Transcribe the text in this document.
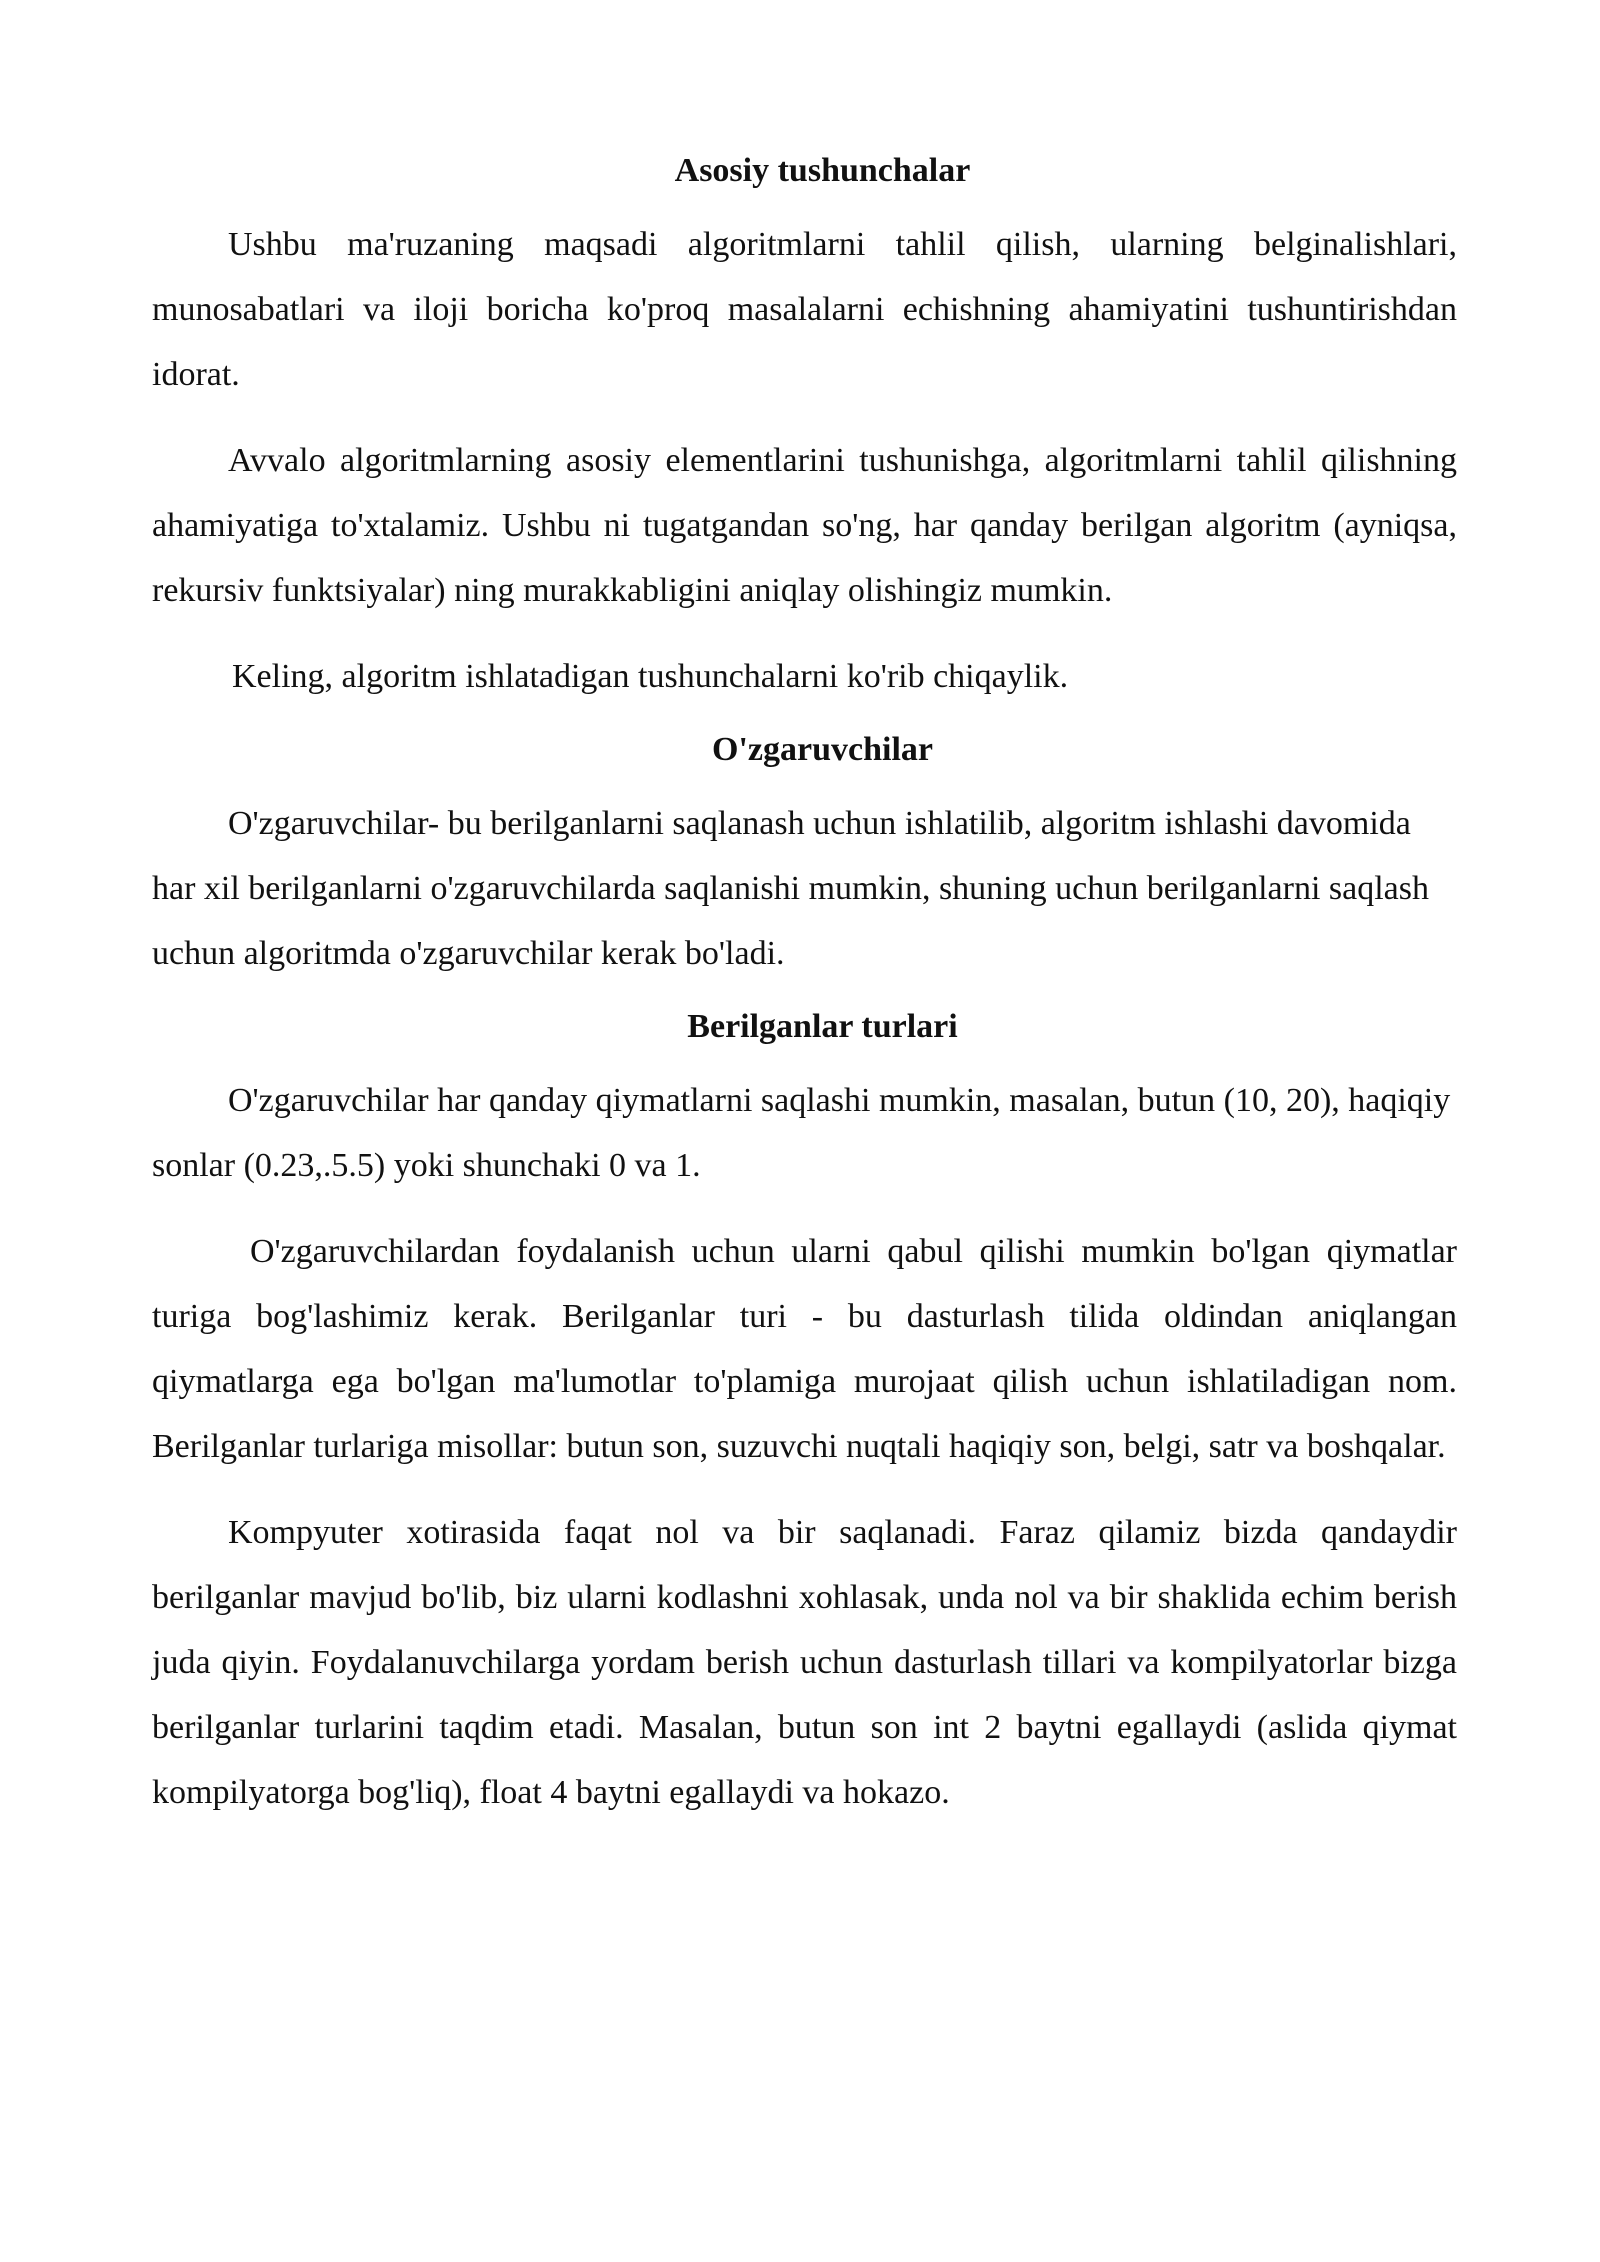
Asosiy tushunchalar

Ushbu ma'ruzaning maqsadi algoritmlarni tahlil qilish, ularning belginalishlari, munosabatlari va iloji boricha ko'proq masalalarni echishning ahamiyatini tushuntirishdan idorat.

Avvalo algoritmlarning asosiy elementlarini tushunishga, algoritmlarni tahlil qilishning ahamiyatiga to'xtalamiz. Ushbu ni tugatgandan so'ng, har qanday berilgan algoritm (ayniqsa, rekursiv funktsiyalar) ning murakkabligini aniqlay olishingiz mumkin.

Keling, algoritm ishlatadigan tushunchalarni ko'rib chiqaylik.

O'zgaruvchilar

O'zgaruvchilar- bu berilganlarni saqlanash uchun ishlatilib, algoritm ishlashi davomida har xil berilganlarni o'zgaruvchilarda saqlanishi mumkin, shuning uchun berilganlarni saqlash uchun algoritmda o'zgaruvchilar kerak bo'ladi.

Berilganlar turlari

O'zgaruvchilar har qanday qiymatlarni saqlashi mumkin, masalan, butun (10, 20), haqiqiy sonlar (0.23,.5.5) yoki shunchaki 0 va 1.

O'zgaruvchilardan foydalanish uchun ularni qabul qilishi mumkin bo'lgan qiymatlar turiga bog'lashimiz kerak. Berilganlar turi - bu dasturlash tilida oldindan aniqlangan qiymatlarga ega bo'lgan ma'lumotlar to'plamiga murojaat qilish uchun ishlatiladigan nom. Berilganlar turlariga misollar: butun son, suzuvchi nuqtali haqiqiy son, belgi, satr va boshqalar.

Kompyuter xotirasida faqat nol va bir saqlanadi. Faraz qilamiz bizda qandaydir berilganlar mavjud bo'lib, biz ularni kodlashni xohlasak, unda nol va bir shaklida echim berish juda qiyin. Foydalanuvchilarga yordam berish uchun dasturlash tillari va kompilyatorlar bizga berilganlar turlarini taqdim etadi. Masalan, butun son int 2 baytni egallaydi (aslida qiymat kompilyatorga bog'liq), float 4 baytni egallaydi va hokazo.
